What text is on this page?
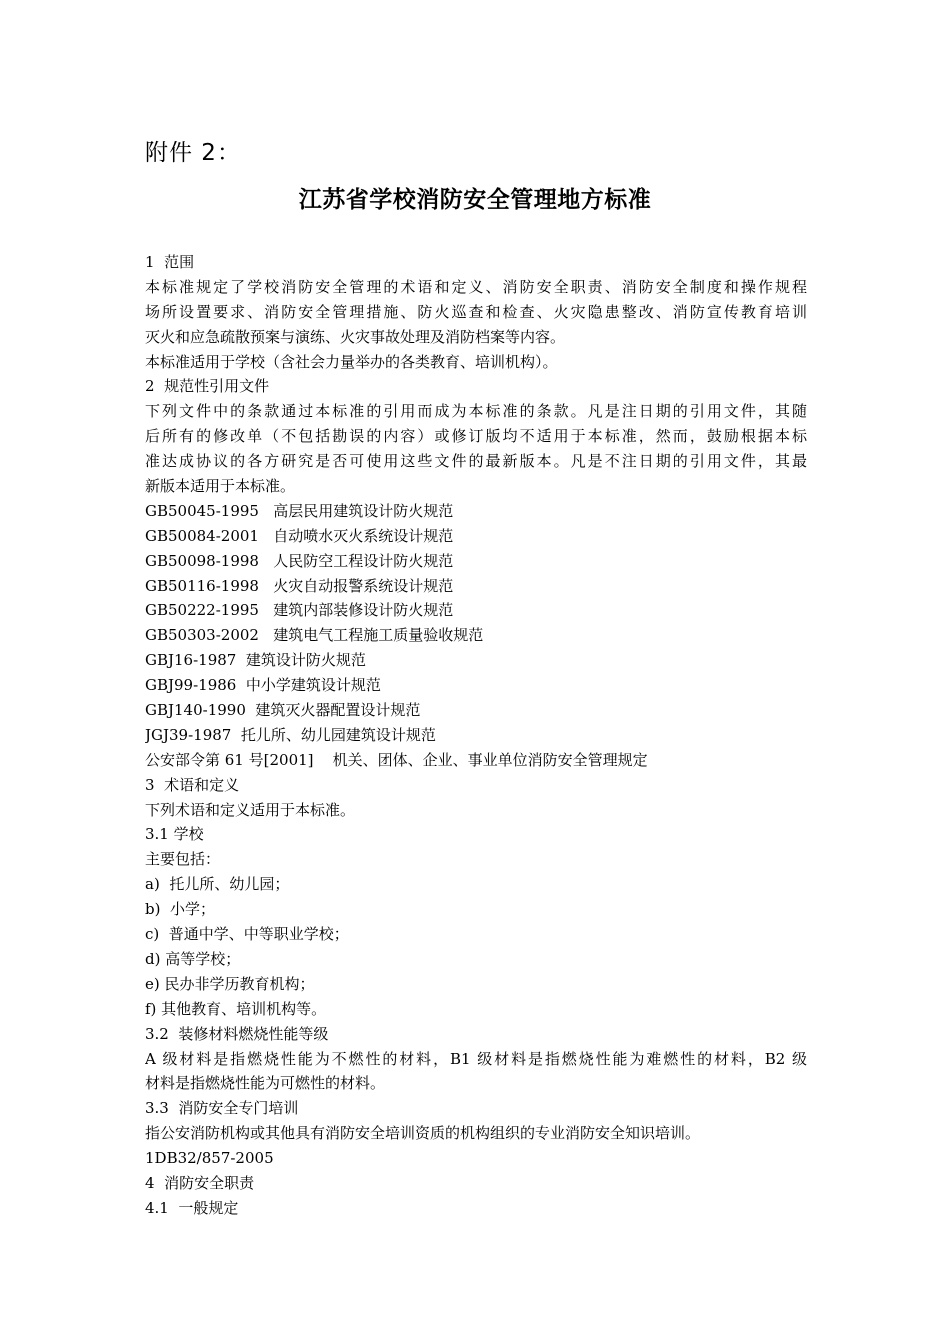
附件 2：
江苏省学校消防安全管理地方标准
1  范围
本标准规定了学校消防安全管理的术语和定义、消防安全职责、消防安全制度和操作规程
场所设置要求、消防安全管理措施、防火巡查和检查、火灾隐患整改、消防宣传教育培训
灭火和应急疏散预案与演练、火灾事故处理及消防档案等内容。
本标准适用于学校（含社会力量举办的各类教育、培训机构）。
2  规范性引用文件
下列文件中的条款通过本标准的引用而成为本标准的条款。凡是注日期的引用文件，其随
后所有的修改单（不包括勘误的内容）或修订版均不适用于本标准，然而，鼓励根据本标
准达成协议的各方研究是否可使用这些文件的最新版本。凡是不注日期的引用文件，其最
新版本适用于本标准。
GB50045-1995   高层民用建筑设计防火规范
GB50084-2001   自动喷水灭火系统设计规范
GB50098-1998   人民防空工程设计防火规范
GB50116-1998   火灾自动报警系统设计规范
GB50222-1995   建筑内部装修设计防火规范
GB50303-2002   建筑电气工程施工质量验收规范
GBJ16-1987  建筑设计防火规范
GBJ99-1986  中小学建筑设计规范
GBJ140-1990  建筑灭火器配置设计规范
JGJ39-1987  托儿所、幼儿园建筑设计规范
公安部令第 61 号[2001]    机关、团体、企业、事业单位消防安全管理规定
3  术语和定义
下列术语和定义适用于本标准。
3.1 学校
主要包括：
a)  托儿所、幼儿园；
b)  小学；
c)  普通中学、中等职业学校；
d) 高等学校；
e) 民办非学历教育机构；
f) 其他教育、培训机构等。
3.2  装修材料燃烧性能等级
A 级材料是指燃烧性能为不燃性的材料，B1 级材料是指燃烧性能为难燃性的材料，B2 级
材料是指燃烧性能为可燃性的材料。
3.3  消防安全专门培训
指公安消防机构或其他具有消防安全培训资质的机构组织的专业消防安全知识培训。
1DB32/857-2005
4  消防安全职责
4.1  一般规定
